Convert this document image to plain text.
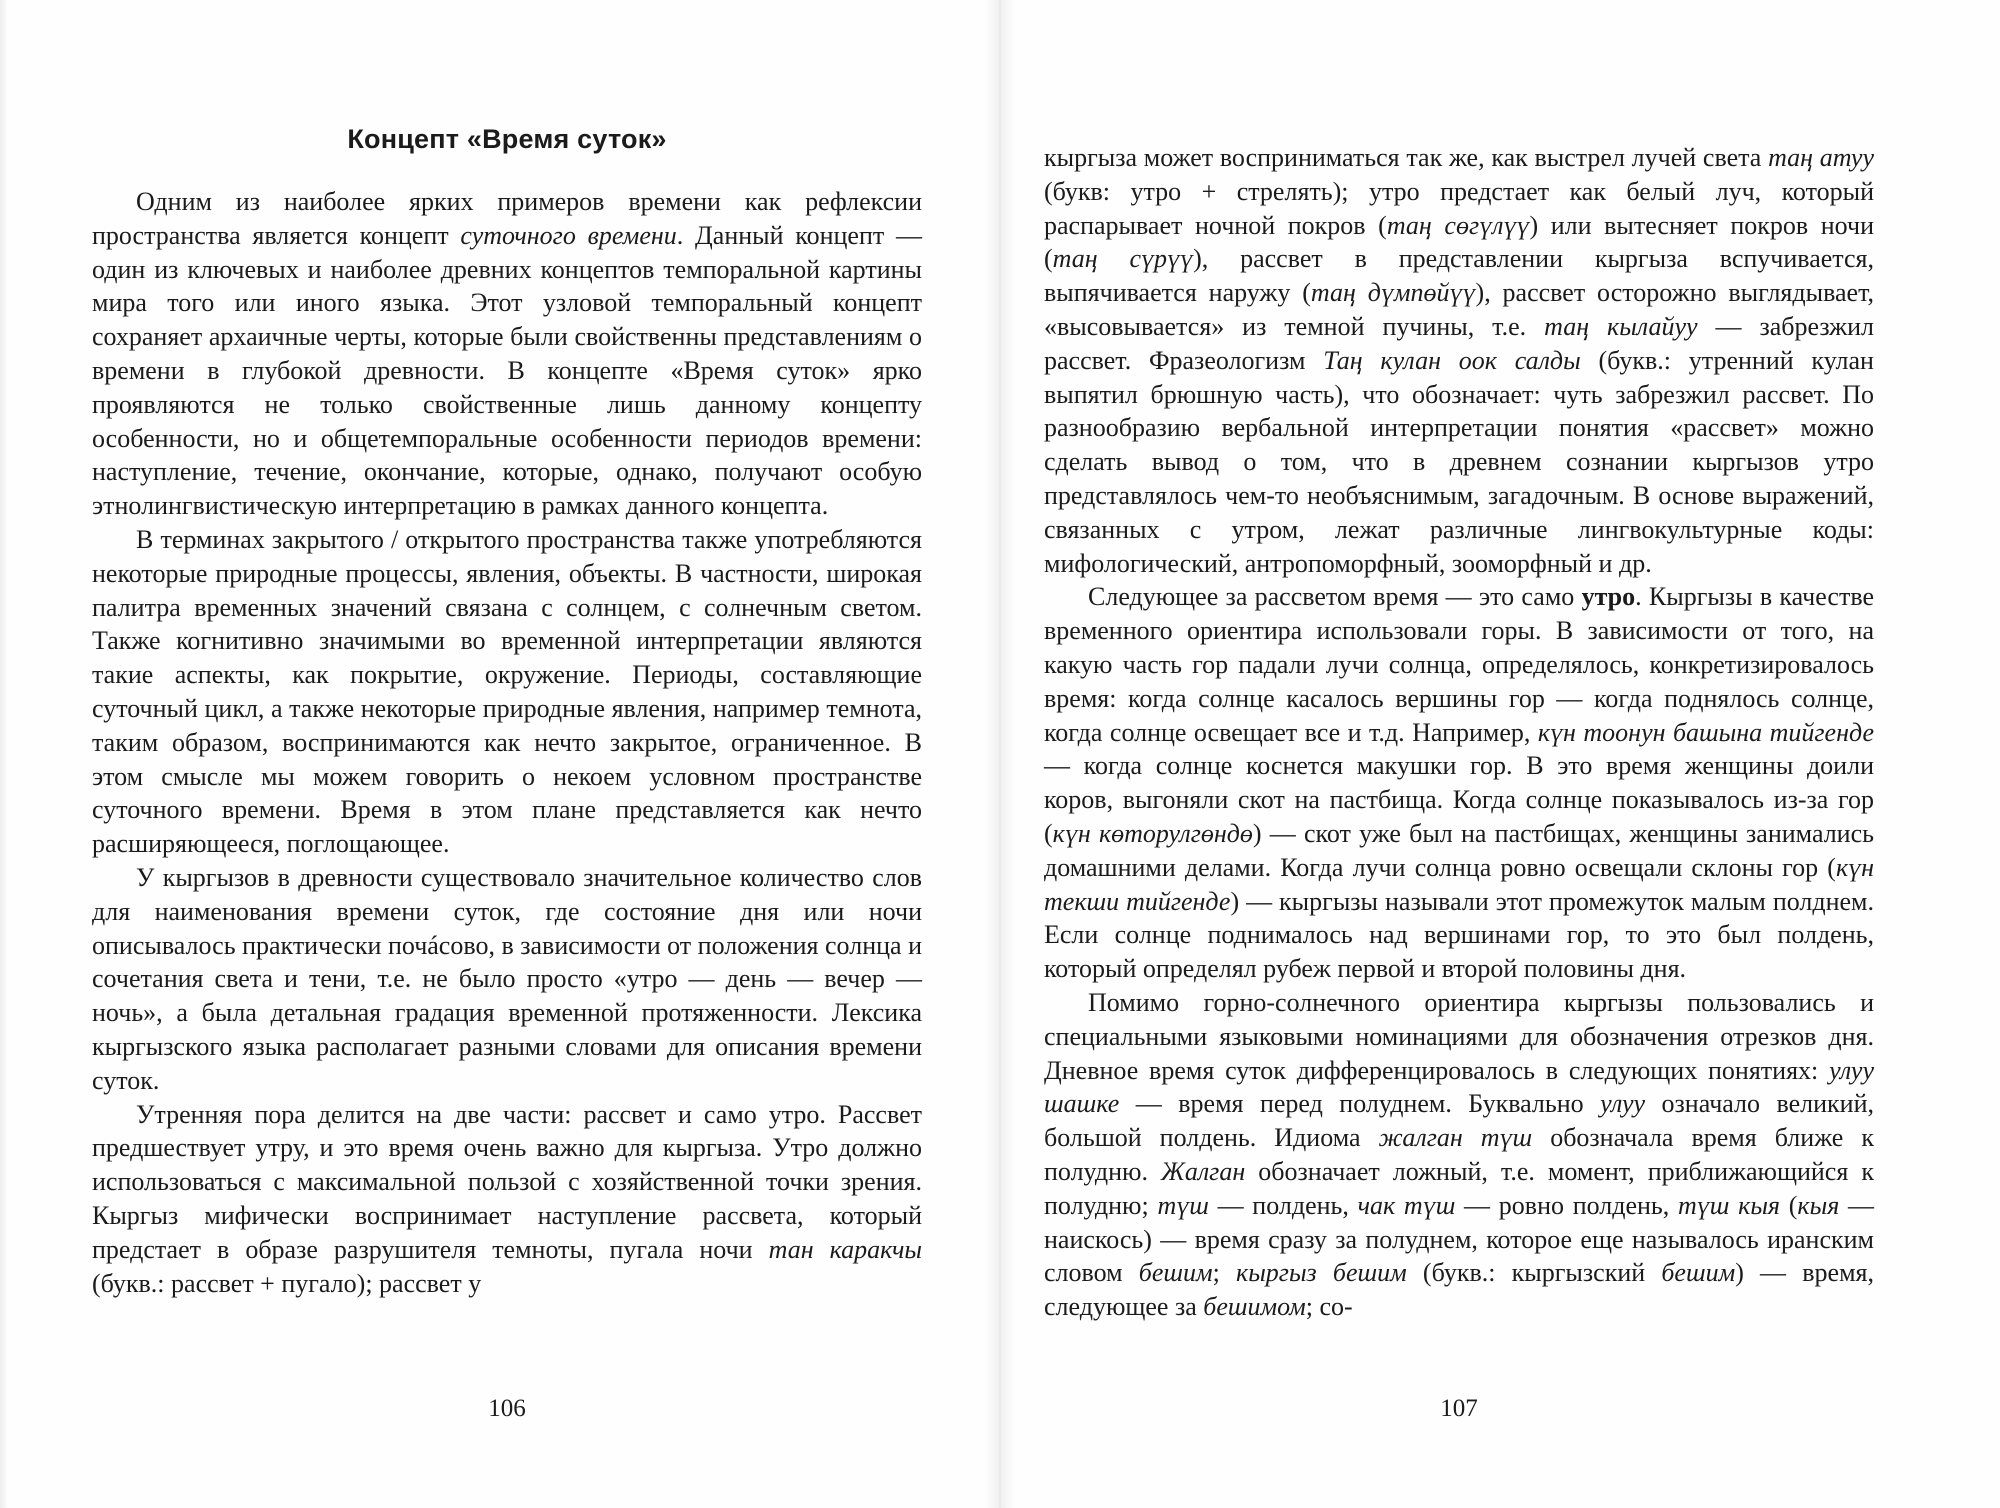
Концепт «Время суток»

Одним из наиболее ярких примеров времени как рефлексии пространства является концепт суточного времени. Данный концепт — один из ключевых и наиболее древних концептов темпоральной картины мира того или иного языка. Этот узловой темпоральный концепт сохраняет архаичные черты, которые были свойственны представлениям о времени в глубокой древности. В концепте «Время суток» ярко проявляются не только свойственные лишь данному концепту особенности, но и общетемпоральные особенности периодов времени: наступление, течение, окончание, которые, однако, получают особую этнолингвистическую интерпретацию в рамках данного концепта.

В терминах закрытого / открытого пространства также употребляются некоторые природные процессы, явления, объекты. В частности, широкая палитра временных значений связана с солнцем, с солнечным светом. Также когнитивно значимыми во временной интерпретации являются такие аспекты, как покрытие, окружение. Периоды, составляющие суточный цикл, а также некоторые природные явления, например темнота, таким образом, воспринимаются как нечто закрытое, ограниченное. В этом смысле мы можем говорить о некоем условном пространстве суточного времени. Время в этом плане представляется как нечто расширяющееся, поглощающее.

У кыргызов в древности существовало значительное количество слов для наименования времени суток, где состояние дня или ночи описывалось практически почáсово, в зависимости от положения солнца и сочетания света и тени, т.е. не было просто «утро — день — вечер — ночь», а была детальная градация временной протяженности. Лексика кыргызского языка располагает разными словами для описания времени суток.

Утренняя пора делится на две части: рассвет и само утро. Рассвет предшествует утру, и это время очень важно для кыргыза. Утро должно использоваться с максимальной пользой с хозяйственной точки зрения. Кыргыз мифически воспринимает наступление рассвета, который предстает в образе разрушителя темноты, пугала ночи тан каракчы (букв.: рассвет + пугало); рассвет у

106

кыргыза может восприниматься так же, как выстрел лучей света таң атуу (букв: утро + стрелять); утро предстает как белый луч, который распарывает ночной покров (таң сөгүлүү) или вытесняет покров ночи (таң сүрүү), рассвет в представлении кыргыза вспучивается, выпячивается наружу (таң дүмпөйүү), рассвет осторожно выглядывает, «высовывается» из темной пучины, т.е. таң кылайуу — забрезжил рассвет. Фразеологизм Таң кулан оок салды (букв.: утренний кулан выпятил брюшную часть), что обозначает: чуть забрезжил рассвет. По разнообразию вербальной интерпретации понятия «рассвет» можно сделать вывод о том, что в древнем сознании кыргызов утро представлялось чем-то необъяснимым, загадочным. В основе выражений, связанных с утром, лежат различные лингвокультурные коды: мифологический, антропоморфный, зооморфный и др.

Следующее за рассветом время — это само утро. Кыргызы в качестве временного ориентира использовали горы. В зависимости от того, на какую часть гор падали лучи солнца, определялось, конкретизировалось время: когда солнце касалось вершины гор — когда поднялось солнце, когда солнце освещает все и т.д. Например, күн тоонун башына тийгенде — когда солнце коснется макушки гор. В это время женщины доили коров, выгоняли скот на пастбища. Когда солнце показывалось из-за гор (күн көторулгөндө) — скот уже был на пастбищах, женщины занимались домашними делами. Когда лучи солнца ровно освещали склоны гор (күн текши тийгенде) — кыргызы называли этот промежуток малым полднем. Если солнце поднималось над вершинами гор, то это был полдень, который определял рубеж первой и второй половины дня.

Помимо горно-солнечного ориентира кыргызы пользовались и специальными языковыми номинациями для обозначения отрезков дня. Дневное время суток дифференцировалось в следующих понятиях: улуу шашке — время перед полуднем. Буквально улуу означало великий, большой полдень. Идиома жалган түш обозначала время ближе к полудню. Жалган обозначает ложный, т.е. момент, приближающийся к полудню; түш — полдень, чак түш — ровно полдень, түш кыя (кыя — наискось) — время сразу за полуднем, которое еще называлось иранским словом бешим; кыргыз бешим (букв.: кыргызский бешим) — время, следующее за бешимом; со-

107
